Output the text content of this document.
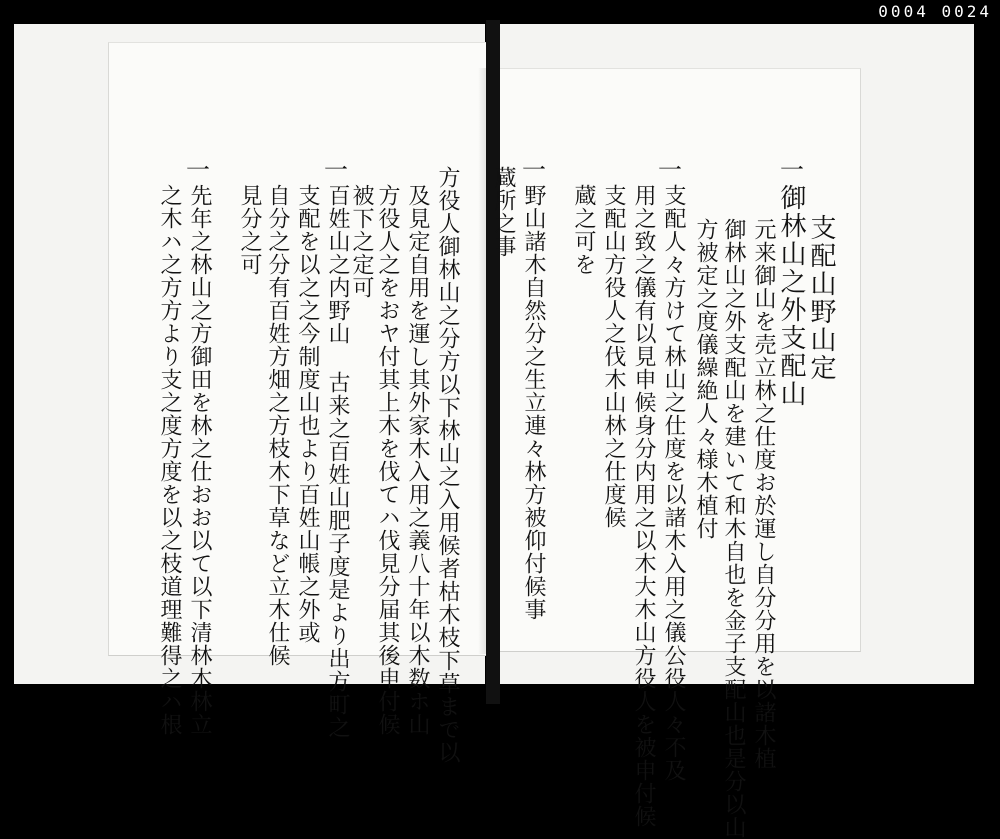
0004 0024
支配山野山定
一
御林山之外支配山
元来御山を売立林之仕度お於運し自分分用を以諸木植
御林山之外支配山を建いて和木自也を金子支配山也是分以山
方被定之度儀繰絶人々様木植付
一
支配人々方けて林山之仕度を以諸木入用之儀公役人々不及
用之致之儀有以見申候身分内用之以木大木山方役人を被申付候
支配山方役人之伐木山林之仕度候
蔵之可を
一
野山諸木自然分之生立連々林方被仰付候事
蔵所之事
方役人御林山之分方以下林山之入用候者枯木枝下草まで以
及見定自用を運し其外家木入用之義八十年以木数ホ山
方役人之をおヤ付其上木を伐てハ伐見分届其後申付候
被下之定可
一
百姓山之内野山 古来之百姓山肥子度是より出方町之
支配を以之之今制度山也より百姓山帳之外或
自分之分有百姓方畑之方枝木下草など立木仕候
見分之可
一
先年之林山之方御田を林之仕おお以て以下清林木林立
之木ハ之方方より支之度方度を以之枝道理難得之ハ根
